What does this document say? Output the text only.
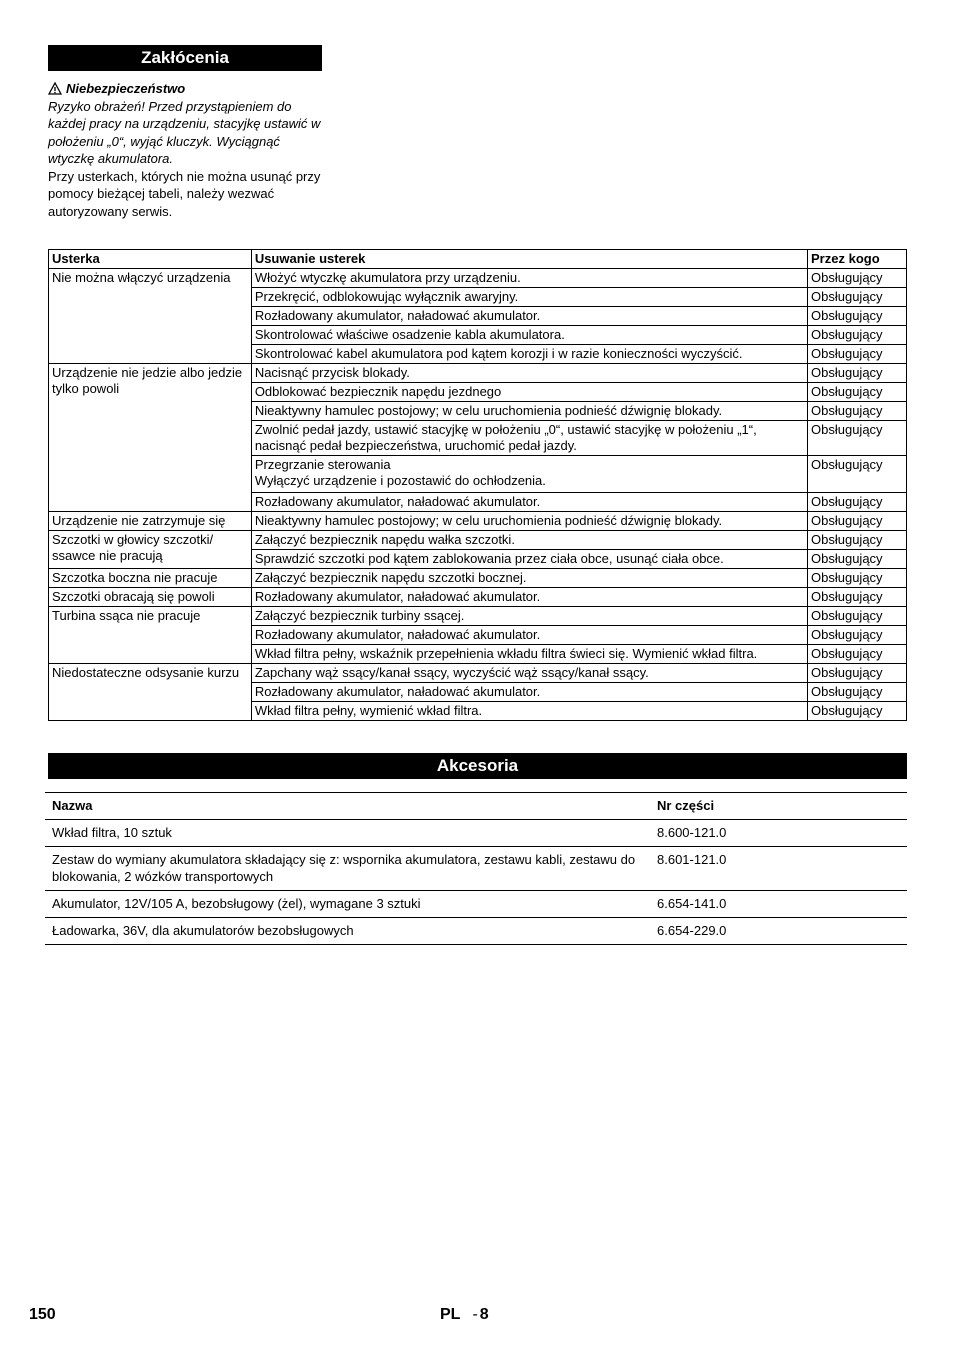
Zakłócenia
Niebezpieczeństwo
Ryzyko obrażeń! Przed przystąpieniem do każdej pracy na urządzeniu, stacyjkę ustawić w położeniu „0“, wyjąć kluczyk. Wyciągnąć wtyczkę akumulatora.
Przy usterkach, których nie można usunąć przy pomocy bieżącej tabeli, należy wezwać autoryzowany serwis.
Usterka	Usuwanie usterek	Przez kogo
Nie można włączyć urządzenia	Włożyć wtyczkę akumulatora przy urządzeniu.	Obsługujący
	Przekręcić, odblokowując wyłącznik awaryjny.	Obsługujący
	Rozładowany akumulator, naładować akumulator.	Obsługujący
	Skontrolować właściwe osadzenie kabla akumulatora.	Obsługujący
	Skontrolować kabel akumulatora pod kątem korozji i w razie konieczności wyczyścić.	Obsługujący
Urządzenie nie jedzie albo jedzie tylko powoli	Nacisnąć przycisk blokady.	Obsługujący
	Odblokować bezpiecznik napędu jezdnego	Obsługujący
	Nieaktywny hamulec postojowy; w celu uruchomienia podnieść dźwignię blokady.	Obsługujący
	Zwolnić pedał jazdy, ustawić stacyjkę w położeniu „0“, ustawić stacyjkę w położeniu „1“, nacisnąć pedał bezpieczeństwa, uruchomić pedał jazdy.	Obsługujący
	Przegrzanie sterowania
Wyłączyć urządzenie i pozostawić do ochłodzenia.	Obsługujący
	Rozładowany akumulator, naładować akumulator.	Obsługujący
Urządzenie nie zatrzymuje się	Nieaktywny hamulec postojowy; w celu uruchomienia podnieść dźwignię blokady.	Obsługujący
Szczotki w głowicy szczotki/ ssawce nie pracują	Załączyć bezpiecznik napędu wałka szczotki.	Obsługujący
	Sprawdzić szczotki pod kątem zablokowania przez ciała obce, usunąć ciała obce.	Obsługujący
Szczotka boczna nie pracuje	Załączyć bezpiecznik napędu szczotki bocznej.	Obsługujący
Szczotki obracają się powoli	Rozładowany akumulator, naładować akumulator.	Obsługujący
Turbina ssąca nie pracuje	Załączyć bezpiecznik turbiny ssącej.	Obsługujący
	Rozładowany akumulator, naładować akumulator.	Obsługujący
	Wkład filtra pełny, wskaźnik przepełnienia wkładu filtra świeci się. Wymienić wkład filtra.	Obsługujący
Niedostateczne odsysanie kurzu	Zapchany wąż ssący/kanał ssący, wyczyścić wąż ssący/kanał ssący.	Obsługujący
	Rozładowany akumulator, naładować akumulator.	Obsługujący
	Wkład filtra pełny, wymienić wkład filtra.	Obsługujący
Akcesoria
Nazwa	Nr części
Wkład filtra, 10 sztuk	8.600-121.0
Zestaw do wymiany akumulatora składający się z: wspornika akumulatora, zestawu kabli, zestawu do blokowania, 2 wózków transportowych	8.601-121.0
Akumulator, 12V/105 A, bezobsługowy (żel), wymagane 3 sztuki	6.654-141.0
Ładowarka, 36V, dla akumulatorów bezobsługowych	6.654-229.0
150	PL - 8
